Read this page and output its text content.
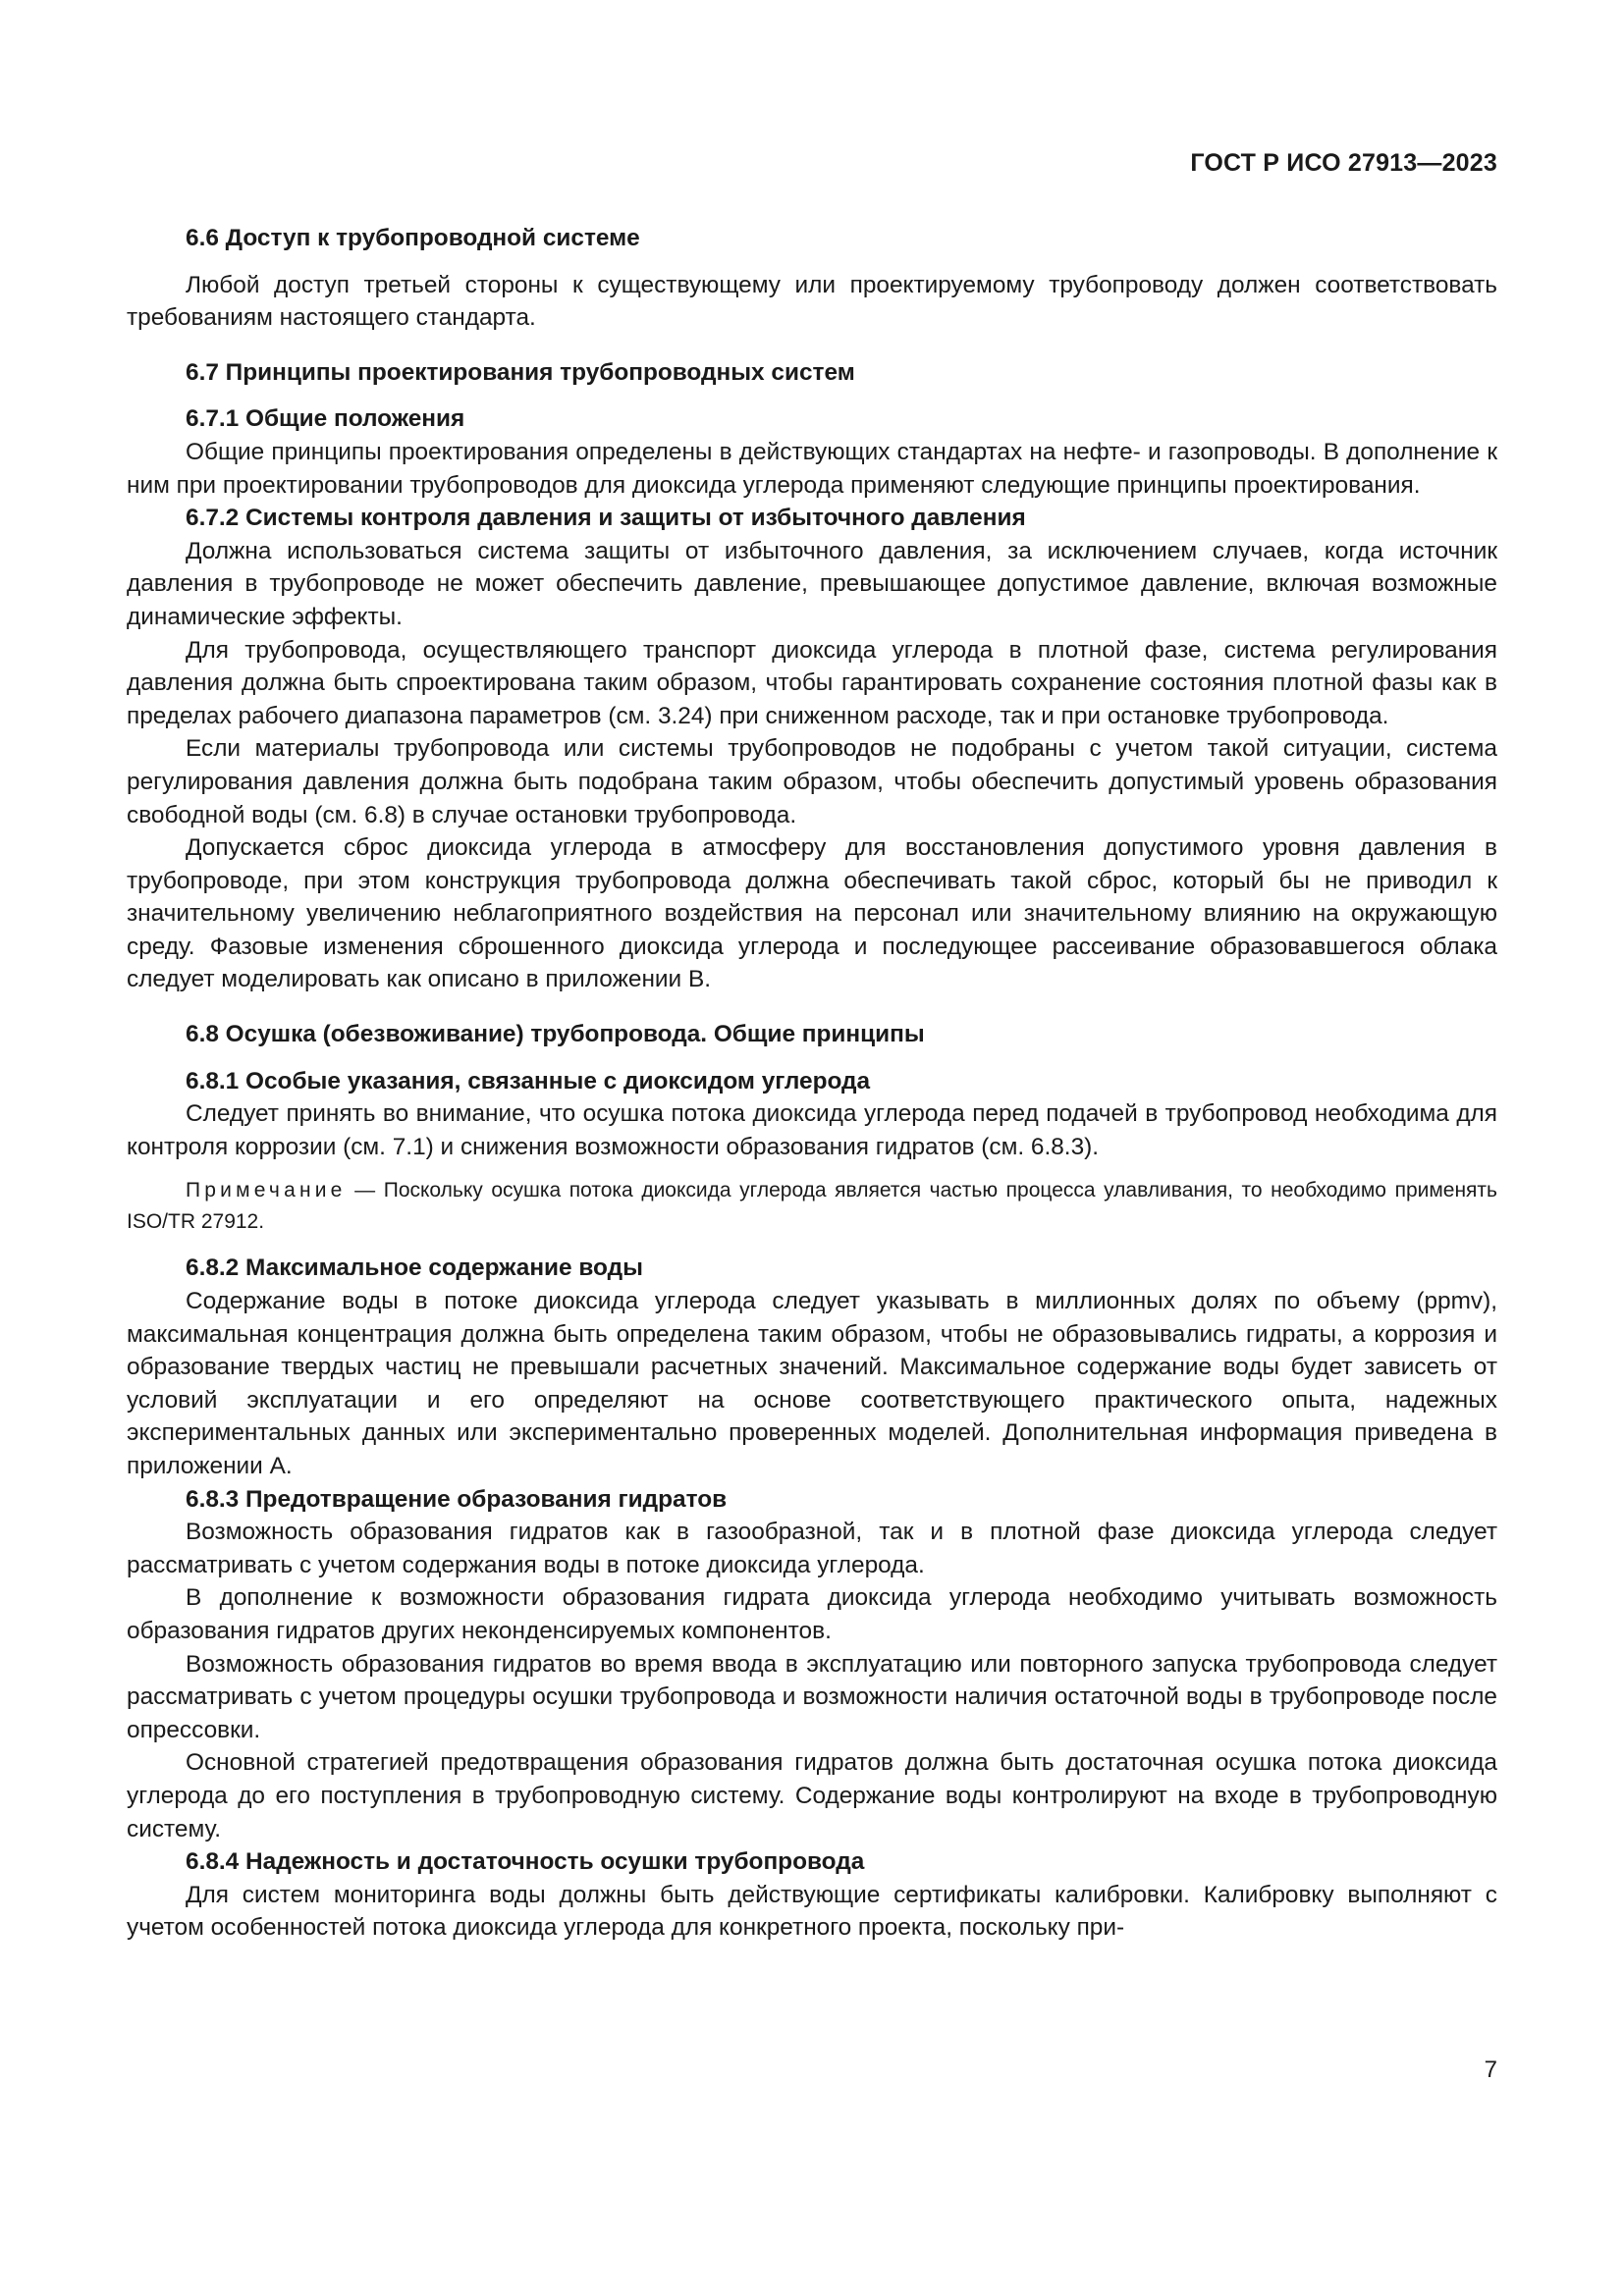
ГОСТ Р ИСО 27913—2023

6.6 Доступ к трубопроводной системе

Любой доступ третьей стороны к существующему или проектируемому трубопроводу должен соответствовать требованиям настоящего стандарта.

6.7 Принципы проектирования трубопроводных систем

6.7.1 Общие положения

Общие принципы проектирования определены в действующих стандартах на нефте- и газопроводы. В дополнение к ним при проектировании трубопроводов для диоксида углерода применяют следующие принципы проектирования.

6.7.2 Системы контроля давления и защиты от избыточного давления

Должна использоваться система защиты от избыточного давления, за исключением случаев, когда источник давления в трубопроводе не может обеспечить давление, превышающее допустимое давление, включая возможные динамические эффекты.

Для трубопровода, осуществляющего транспорт диоксида углерода в плотной фазе, система регулирования давления должна быть спроектирована таким образом, чтобы гарантировать сохранение состояния плотной фазы как в пределах рабочего диапазона параметров (см. 3.24) при сниженном расходе, так и при остановке трубопровода.

Если материалы трубопровода или системы трубопроводов не подобраны с учетом такой ситуации, система регулирования давления должна быть подобрана таким образом, чтобы обеспечить допустимый уровень образования свободной воды (см. 6.8) в случае остановки трубопровода.

Допускается сброс диоксида углерода в атмосферу для восстановления допустимого уровня давления в трубопроводе, при этом конструкция трубопровода должна обеспечивать такой сброс, который бы не приводил к значительному увеличению неблагоприятного воздействия на персонал или значительному влиянию на окружающую среду. Фазовые изменения сброшенного диоксида углерода и последующее рассеивание образовавшегося облака следует моделировать как описано в приложении В.

6.8 Осушка (обезвоживание) трубопровода. Общие принципы

6.8.1 Особые указания, связанные с диоксидом углерода

Следует принять во внимание, что осушка потока диоксида углерода перед подачей в трубопровод необходима для контроля коррозии (см. 7.1) и снижения возможности образования гидратов (см. 6.8.3).

Примечание — Поскольку осушка потока диоксида углерода является частью процесса улавливания, то необходимо применять ISO/TR 27912.

6.8.2 Максимальное содержание воды

Содержание воды в потоке диоксида углерода следует указывать в миллионных долях по объему (ppmv), максимальная концентрация должна быть определена таким образом, чтобы не образовывались гидраты, а коррозия и образование твердых частиц не превышали расчетных значений. Максимальное содержание воды будет зависеть от условий эксплуатации и его определяют на основе соответствующего практического опыта, надежных экспериментальных данных или экспериментально проверенных моделей. Дополнительная информация приведена в приложении А.

6.8.3 Предотвращение образования гидратов

Возможность образования гидратов как в газообразной, так и в плотной фазе диоксида углерода следует рассматривать с учетом содержания воды в потоке диоксида углерода.

В дополнение к возможности образования гидрата диоксида углерода необходимо учитывать возможность образования гидратов других неконденсируемых компонентов.

Возможность образования гидратов во время ввода в эксплуатацию или повторного запуска трубопровода следует рассматривать с учетом процедуры осушки трубопровода и возможности наличия остаточной воды в трубопроводе после опрессовки.

Основной стратегией предотвращения образования гидратов должна быть достаточная осушка потока диоксида углерода до его поступления в трубопроводную систему. Содержание воды контролируют на входе в трубопроводную систему.

6.8.4 Надежность и достаточность осушки трубопровода

Для систем мониторинга воды должны быть действующие сертификаты калибровки. Калибровку выполняют с учетом особенностей потока диоксида углерода для конкретного проекта, поскольку при-

7
